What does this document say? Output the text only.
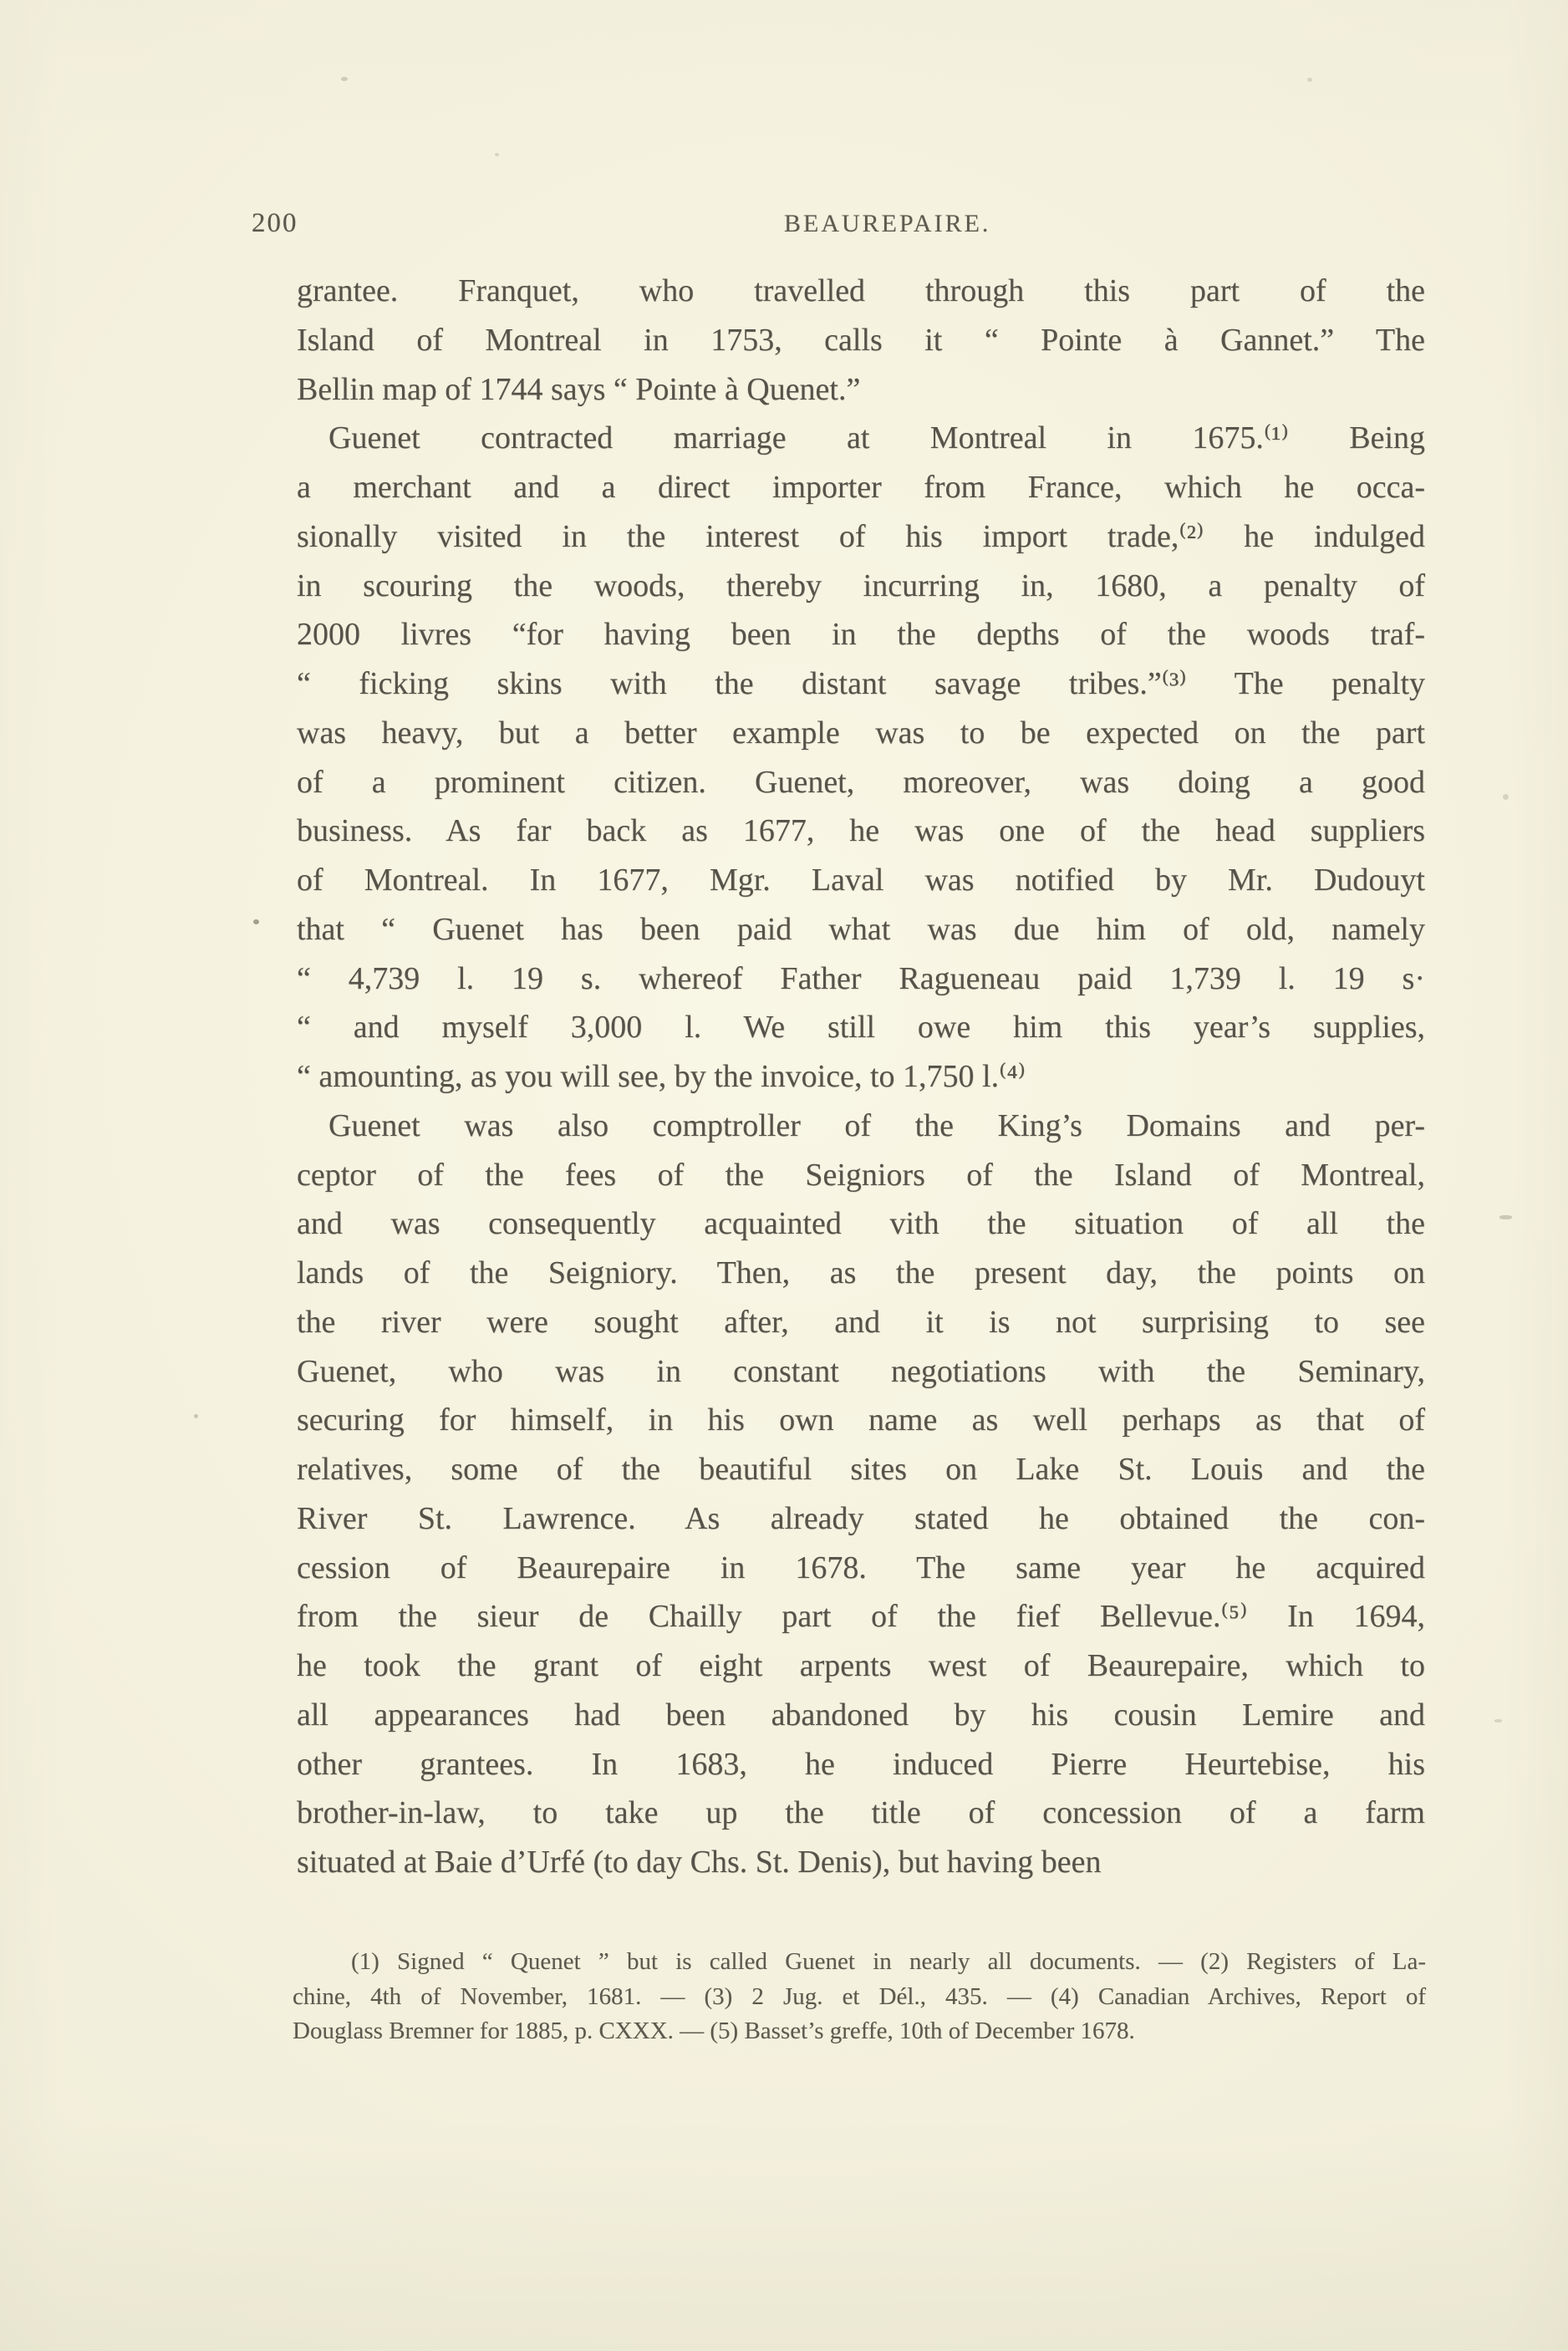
200	BEAUREPAIRE.
grantee. Franquet, who travelled through this part of the
Island of Montreal in 1753, calls it “ Pointe à Gannet.” The
Bellin map of 1744 says “ Pointe à Quenet.”
Guenet contracted marriage at Montreal in 1675.⁽¹⁾ Being
a merchant and a direct importer from France, which he occa-
sionally visited in the interest of his import trade,⁽²⁾ he indulged
in scouring the woods, thereby incurring in, 1680, a penalty of
2000 livres “for having been in the depths of the woods traf-
“ ficking skins with the distant savage tribes.”⁽³⁾ The penalty
was heavy, but a better example was to be expected on the part
of a prominent citizen. Guenet, moreover, was doing a good
business. As far back as 1677, he was one of the head suppliers
of Montreal. In 1677, Mgr. Laval was notified by Mr. Dudouyt
that “ Guenet has been paid what was due him of old, namely
“ 4,739 l. 19 s. whereof Father Ragueneau paid 1,739 l. 19 s·
“ and myself 3,000 l. We still owe him this year’s supplies,
“ amounting, as you will see, by the invoice, to 1,750 l.⁽⁴⁾
Guenet was also comptroller of the King’s Domains and per-
ceptor of the fees of the Seigniors of the Island of Montreal,
and was consequently acquainted vith the situation of all the
lands of the Seigniory. Then, as the present day, the points on
the river were sought after, and it is not surprising to see
Guenet, who was in constant negotiations with the Seminary,
securing for himself, in his own name as well perhaps as that of
relatives, some of the beautiful sites on Lake St. Louis and the
River St. Lawrence. As already stated he obtained the con-
cession of Beaurepaire in 1678. The same year he acquired
from the sieur de Chailly part of the fief Bellevue.⁽⁵⁾ In 1694,
he took the grant of eight arpents west of Beaurepaire, which to
all appearances had been abandoned by his cousin Lemire and
other grantees. In 1683, he induced Pierre Heurtebise, his
brother-in-law, to take up the title of concession of a farm
situated at Baie d’Urfé (to day Chs. St. Denis), but having been
(1) Signed “ Quenet ” but is called Guenet in nearly all documents. — (2) Registers of La-
chine, 4th of November, 1681. — (3) 2 Jug. et Dél., 435. — (4) Canadian Archives, Report of
Douglass Bremner for 1885, p. CXXX. — (5) Basset’s greffe, 10th of December 1678.
